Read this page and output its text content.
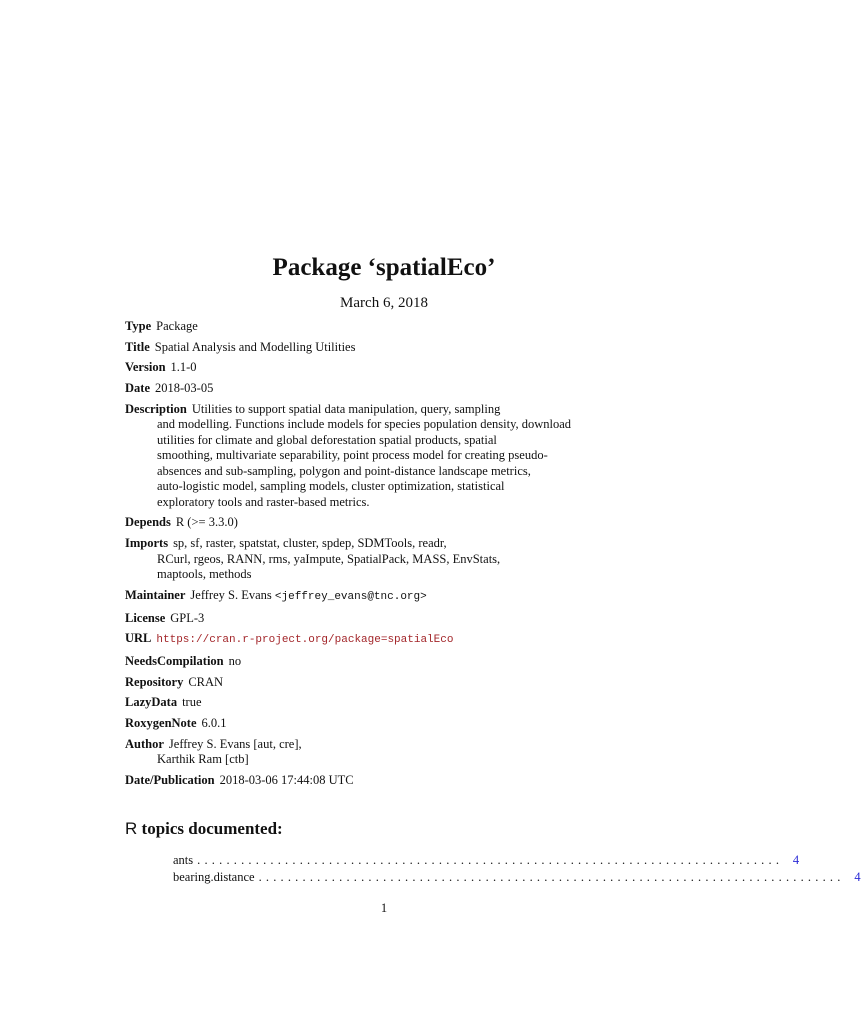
Package ‘spatialEco’
March 6, 2018
Type Package
Title Spatial Analysis and Modelling Utilities
Version 1.1-0
Date 2018-03-05
Description Utilities to support spatial data manipulation, query, sampling
and modelling. Functions include models for species population density, download
utilities for climate and global deforestation spatial products, spatial
smoothing, multivariate separability, point process model for creating pseudo-
absences and sub-sampling, polygon and point-distance landscape metrics,
auto-logistic model, sampling models, cluster optimization, statistical
exploratory tools and raster-based metrics.
Depends R (>= 3.3.0)
Imports sp, sf, raster, spatstat, cluster, spdep, SDMTools, readr,
RCurl, rgeos, RANN, rms, yaImpute, SpatialPack, MASS, EnvStats,
maptools, methods
Maintainer Jeffrey S. Evans <jeffrey_evans@tnc.org>
License GPL-3
URL https://cran.r-project.org/package=spatialEco
NeedsCompilation no
Repository CRAN
LazyData true
RoxygenNote 6.0.1
Author Jeffrey S. Evans [aut, cre],
Karthik Ram [ctb]
Date/Publication 2018-03-06 17:44:08 UTC
R topics documented:
ants ................................................................................ 4
bearing.distance ................................................................................ 4
1
